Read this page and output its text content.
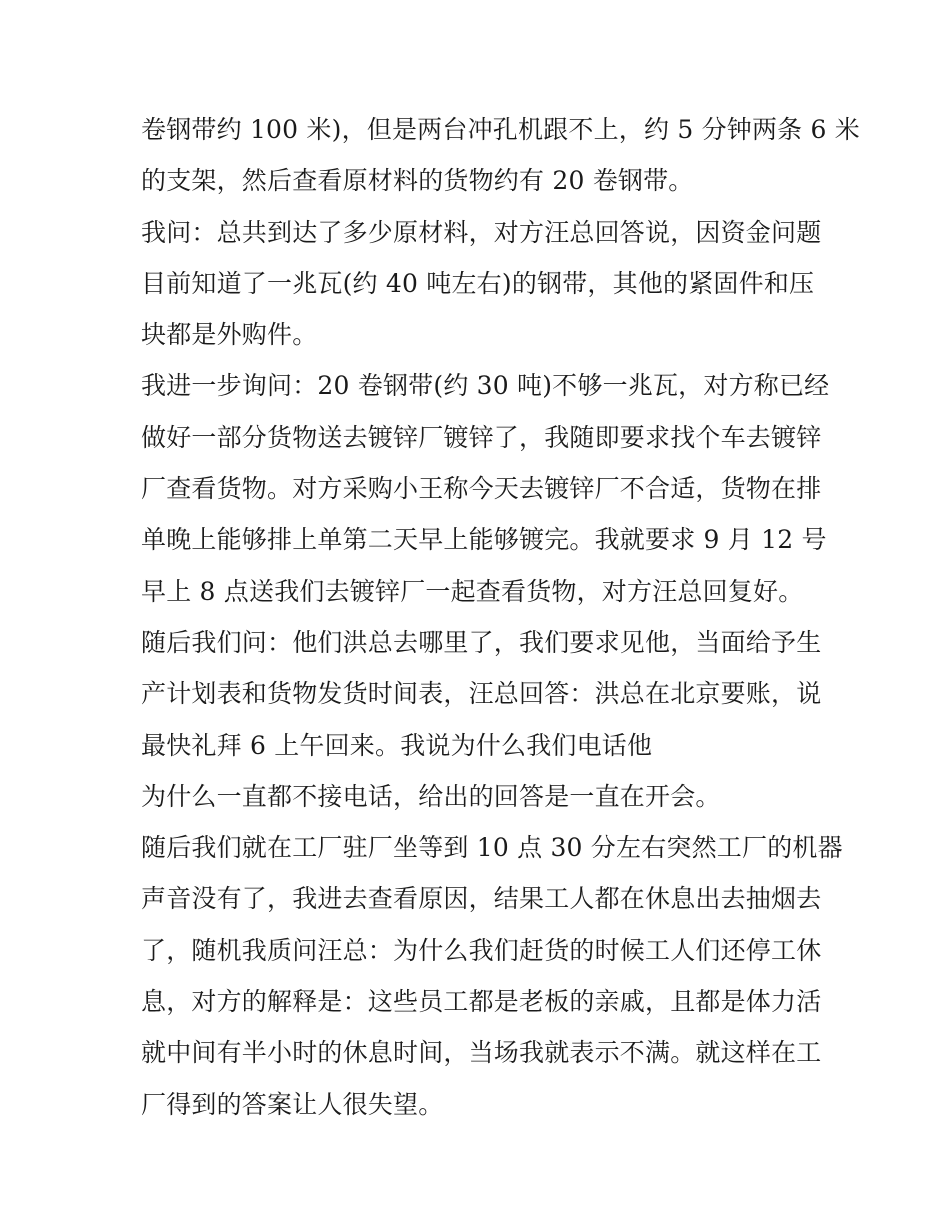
卷钢带约 100 米)，但是两台冲孔机跟不上，约 5 分钟两条 6 米
的支架，然后查看原材料的货物约有 20 卷钢带。
我问：总共到达了多少原材料，对方汪总回答说，因资金问题
目前知道了一兆瓦(约 40 吨左右)的钢带，其他的紧固件和压
块都是外购件。
我进一步询问：20 卷钢带(约 30 吨)不够一兆瓦，对方称已经
做好一部分货物送去镀锌厂镀锌了，我随即要求找个车去镀锌
厂查看货物。对方采购小王称今天去镀锌厂不合适，货物在排
单晚上能够排上单第二天早上能够镀完。我就要求 9 月 12 号
早上 8 点送我们去镀锌厂一起查看货物，对方汪总回复好。
随后我们问：他们洪总去哪里了，我们要求见他，当面给予生
产计划表和货物发货时间表，汪总回答：洪总在北京要账，说
最快礼拜 6 上午回来。我说为什么我们电话他
为什么一直都不接电话，给出的回答是一直在开会。
随后我们就在工厂驻厂坐等到 10 点 30 分左右突然工厂的机器
声音没有了，我进去查看原因，结果工人都在休息出去抽烟去
了，随机我质问汪总：为什么我们赶货的时候工人们还停工休
息，对方的解释是：这些员工都是老板的亲戚，且都是体力活
就中间有半小时的休息时间，当场我就表示不满。就这样在工
厂得到的答案让人很失望。
